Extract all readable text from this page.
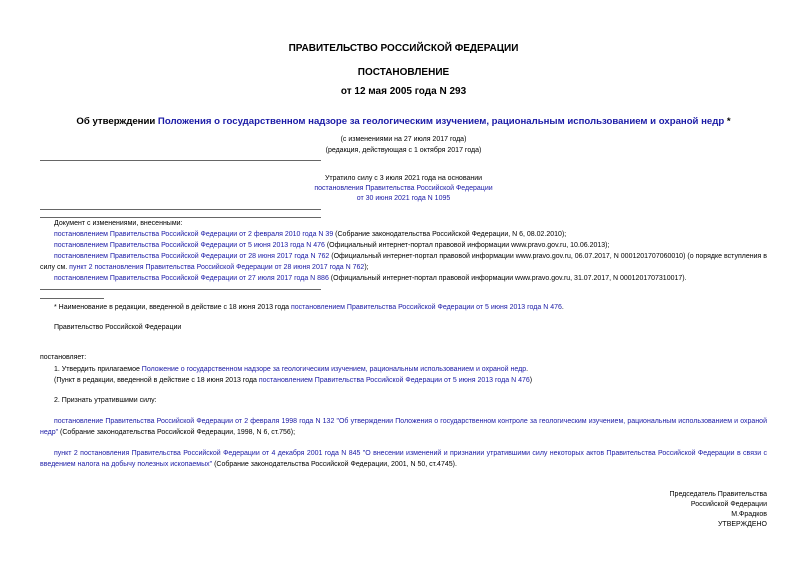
ПРАВИТЕЛЬСТВО РОССИЙСКОЙ ФЕДЕРАЦИИ
ПОСТАНОВЛЕНИЕ
от 12 мая 2005 года N 293
Об утверждении Положения о государственном надзоре за геологическим изучением, рациональным использованием и охраной недр *
(с изменениями на 27 июля 2017 года)
(редакция, действующая с 1 октября 2017 года)
Утратило силу с 3 июля 2021 года на основании
постановления Правительства Российской Федерации
от 30 июня 2021 года N 1095
Документ с изменениями, внесенными:
постановлением Правительства Российской Федерации от 2 февраля 2010 года N 39 (Собрание законодательства Российской Федерации, N 6, 08.02.2010);
постановлением Правительства Российской Федерации от 5 июня 2013 года N 476 (Официальный интернет-портал правовой информации www.pravo.gov.ru, 10.06.2013);
постановлением Правительства Российской Федерации от 28 июня 2017 года N 762 (Официальный интернет-портал правовой информации www.pravo.gov.ru, 06.07.2017, N 0001201707060010) (о порядке вступления в силу см. пункт 2 постановления Правительства Российской Федерации от 28 июня 2017 года N 762);
постановлением Правительства Российской Федерации от 27 июля 2017 года N 886 (Официальный интернет-портал правовой информации www.pravo.gov.ru, 31.07.2017, N 0001201707310017).
* Наименование в редакции, введенной в действие с 18 июня 2013 года постановлением Правительства Российской Федерации от 5 июня 2013 года N 476.
Правительство Российской Федерации
постановляет:
1. Утвердить прилагаемое Положение о государственном надзоре за геологическим изучением, рациональным использованием и охраной недр.
(Пункт в редакции, введенной в действие с 18 июня 2013 года постановлением Правительства Российской Федерации от 5 июня 2013 года N 476)
2. Признать утратившими силу:
постановление Правительства Российской Федерации от 2 февраля 1998 года N 132 "Об утверждении Положения о государственном контроле за геологическим изучением, рациональным использованием и охраной недр" (Собрание законодательства Российской Федерации, 1998, N 6, ст.756);
пункт 2 постановления Правительства Российской Федерации от 4 декабря 2001 года N 845 "О внесении изменений и признании утратившими силу некоторых актов Правительства Российской Федерации в связи с введением налога на добычу полезных ископаемых" (Собрание законодательства Российской Федерации, 2001, N 50, ст.4745).
Председатель Правительства
Российской Федерации
М.Фрадков
УТВЕРЖДЕНО
